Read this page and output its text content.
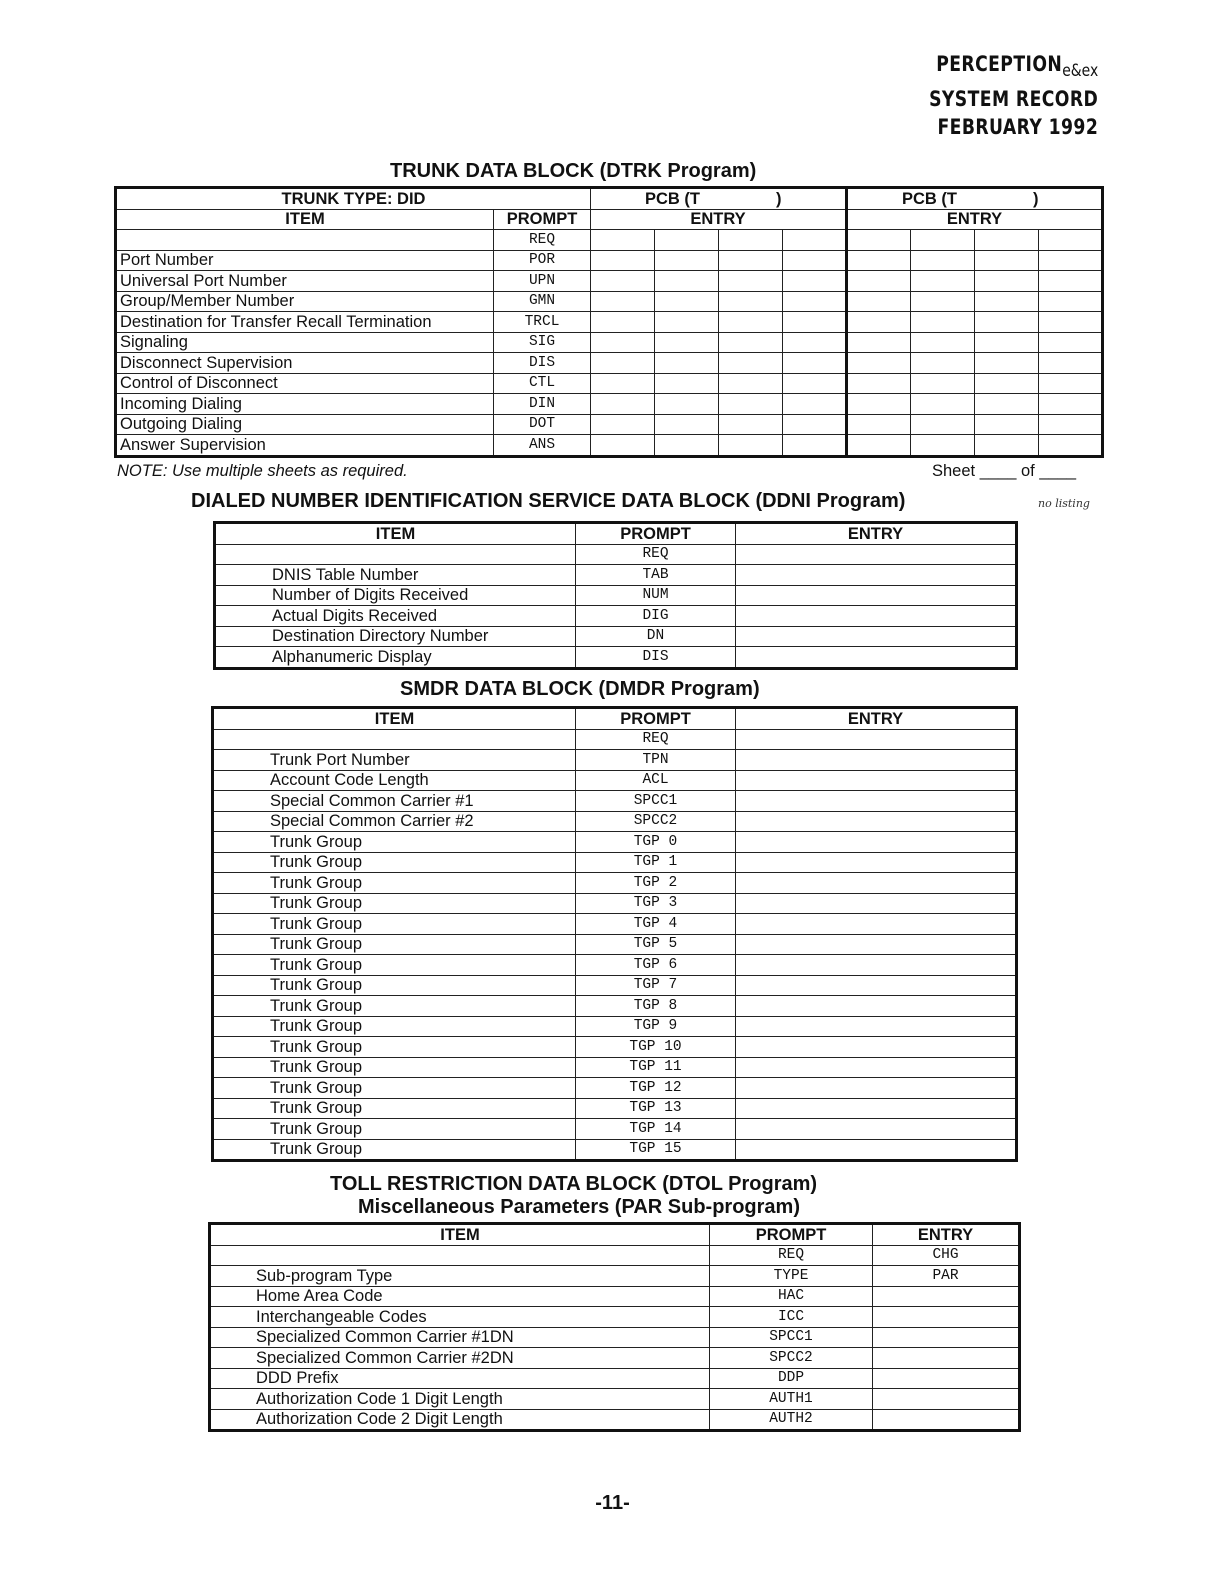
$PERCEPTION_{e\&ex}$
SYSTEM RECORD
FEBRUARY 1992
TRUNK DATA BLOCK (DTRK Program)
TRUNK TYPE: DID		PCB (T )				PCB (T )			
ITEM	PROMPT	ENTRY				ENTRY			
	REQ								
Port Number	POR								
Universal Port Number	UPN								
Group/Member Number	GMN								
Destination for Transfer Recall Termination	TRCL								
Signaling	SIG								
Disconnect Supervision	DIS								
Control of Disconnect	CTL								
Incoming Dialing	DIN								
Outgoing Dialing	DOT								
Answer Supervision	ANS								
NOTE: Use multiple sheets as required.	Sheet ____ of ____
DIALED NUMBER IDENTIFICATION SERVICE DATA BLOCK (DDNI Program)	no listing
ITEM	PROMPT	ENTRY
	REQ	
DNIS Table Number	TAB	
Number of Digits Received	NUM	
Actual Digits Received	DIG	
Destination Directory Number	DN	
Alphanumeric Display	DIS	
SMDR DATA BLOCK (DMDR Program)
ITEM	PROMPT	ENTRY
	REQ	
Trunk Port Number	TPN	
Account Code Length	ACL	
Special Common Carrier #1	SPCC1	
Special Common Carrier #2	SPCC2	
Trunk Group	TGP 0	
Trunk Group	TGP 1	
Trunk Group	TGP 2	
Trunk Group	TGP 3	
Trunk Group	TGP 4	
Trunk Group	TGP 5	
Trunk Group	TGP 6	
Trunk Group	TGP 7	
Trunk Group	TGP 8	
Trunk Group	TGP 9	
Trunk Group	TGP 10	
Trunk Group	TGP 11	
Trunk Group	TGP 12	
Trunk Group	TGP 13	
Trunk Group	TGP 14	
Trunk Group	TGP 15	
TOLL RESTRICTION DATA BLOCK (DTOL Program)
Miscellaneous Parameters (PAR Sub-program)
ITEM	PROMPT	ENTRY
	REQ	CHG
Sub-program Type	TYPE	PAR
Home Area Code	HAC	
Interchangeable Codes	ICC	
Specialized Common Carrier #1DN	SPCC1	
Specialized Common Carrier #2DN	SPCC2	
DDD Prefix	DDP	
Authorization Code 1 Digit Length	AUTH1	
Authorization Code 2 Digit Length	AUTH2	
-11-
